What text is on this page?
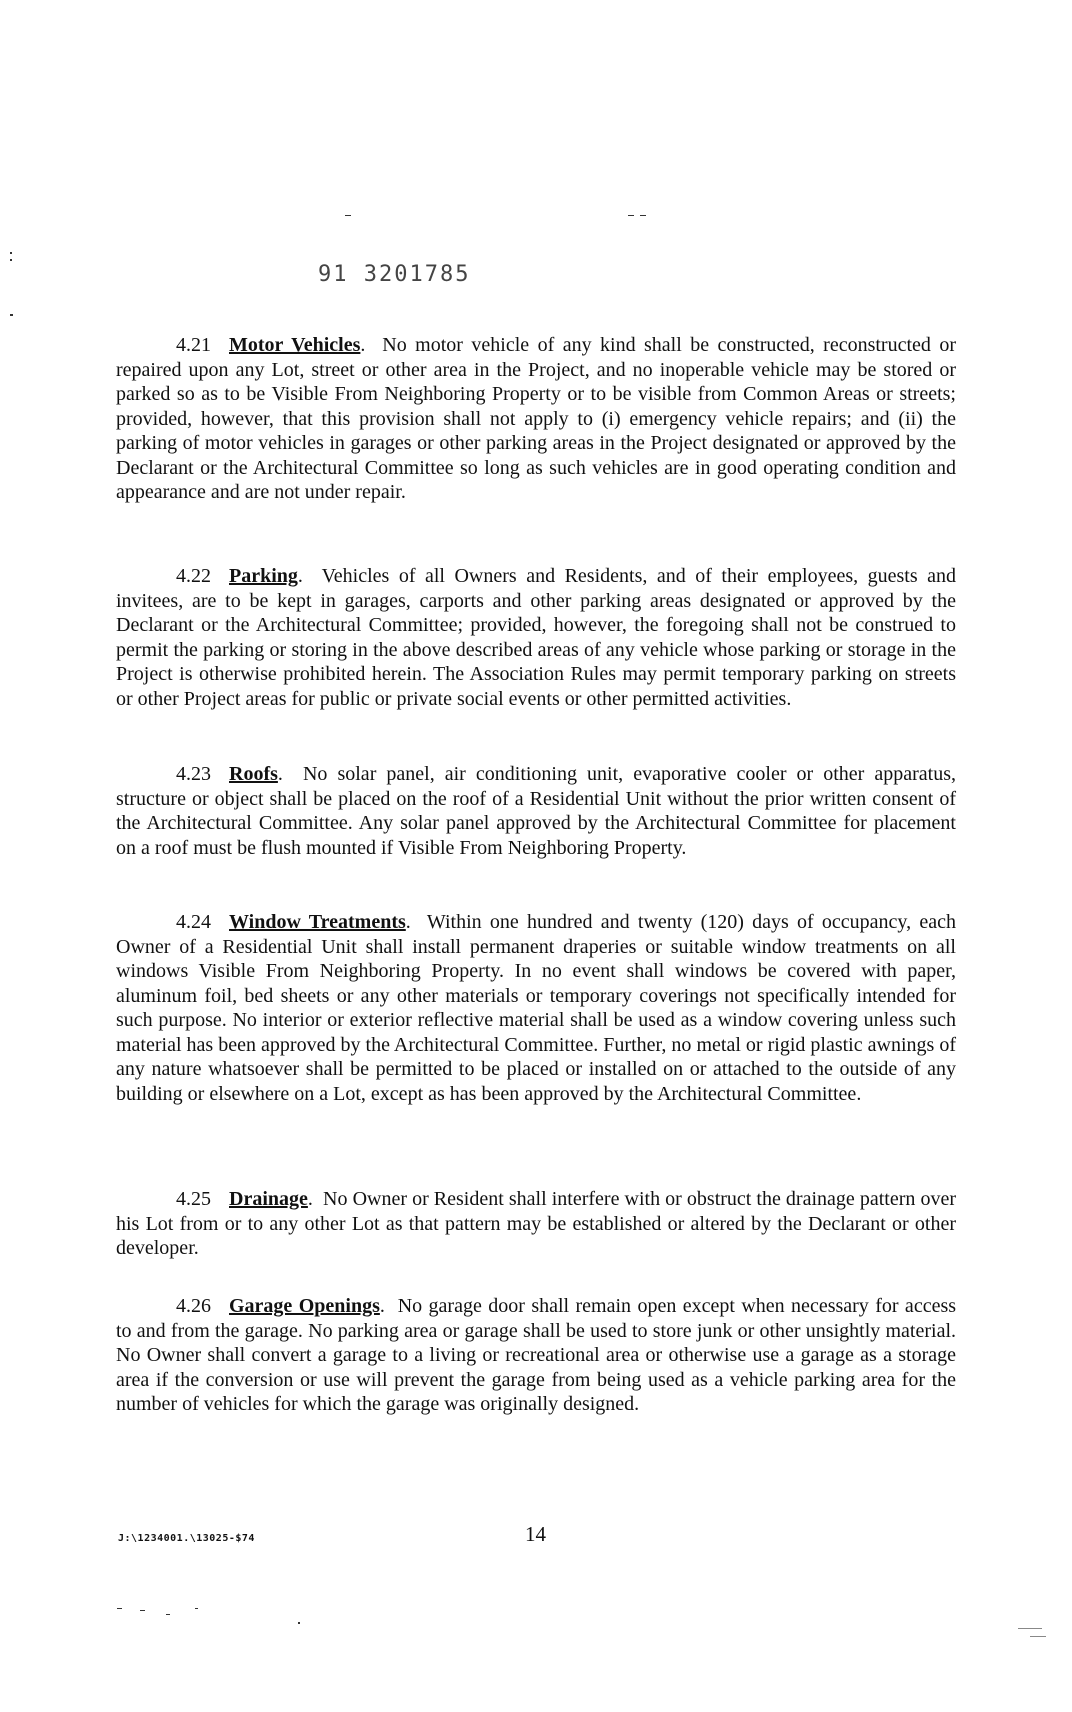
91 3201785

4.21 Motor Vehicles.  No motor vehicle of any kind shall be constructed, reconstructed or repaired upon any Lot, street or other area in the Project, and no inoperable vehicle may be stored or parked so as to be Visible From Neighboring Property or to be visible from Common Areas or streets; provided, however, that this provision shall not apply to (i) emergency vehicle repairs; and (ii) the parking of motor vehicles in garages or other parking areas in the Project designated or approved by the Declarant or the Architectural Committee so long as such vehicles are in good operating condition and appearance and are not under repair.

4.22 Parking.  Vehicles of all Owners and Residents, and of their employees, guests and invitees, are to be kept in garages, carports and other parking areas designated or approved by the Declarant or the Architectural Committee; provided, however, the foregoing shall not be construed to permit the parking or storing in the above described areas of any vehicle whose parking or storage in the Project is otherwise prohibited herein. The Association Rules may permit temporary parking on streets or other Project areas for public or private social events or other permitted activities.

4.23 Roofs.  No solar panel, air conditioning unit, evaporative cooler or other apparatus, structure or object shall be placed on the roof of a Residential Unit without the prior written consent of the Architectural Committee. Any solar panel approved by the Architectural Committee for placement on a roof must be flush mounted if Visible From Neighboring Property.

4.24 Window Treatments.  Within one hundred and twenty (120) days of occupancy, each Owner of a Residential Unit shall install permanent draperies or suitable window treatments on all windows Visible From Neighboring Property. In no event shall windows be covered with paper, aluminum foil, bed sheets or any other materials or temporary coverings not specifically intended for such purpose. No interior or exterior reflective material shall be used as a window covering unless such material has been approved by the Architectural Committee. Further, no metal or rigid plastic awnings of any nature whatsoever shall be permitted to be placed or installed on or attached to the outside of any building or elsewhere on a Lot, except as has been approved by the Architectural Committee.

4.25 Drainage.  No Owner or Resident shall interfere with or obstruct the drainage pattern over his Lot from or to any other Lot as that pattern may be established or altered by the Declarant or other developer.

4.26 Garage Openings.  No garage door shall remain open except when necessary for access to and from the garage. No parking area or garage shall be used to store junk or other unsightly material. No Owner shall convert a garage to a living or recreational area or otherwise use a garage as a storage area if the conversion or use will prevent the garage from being used as a vehicle parking area for the number of vehicles for which the garage was originally designed.

J:\1234001.\13025-$74	14
